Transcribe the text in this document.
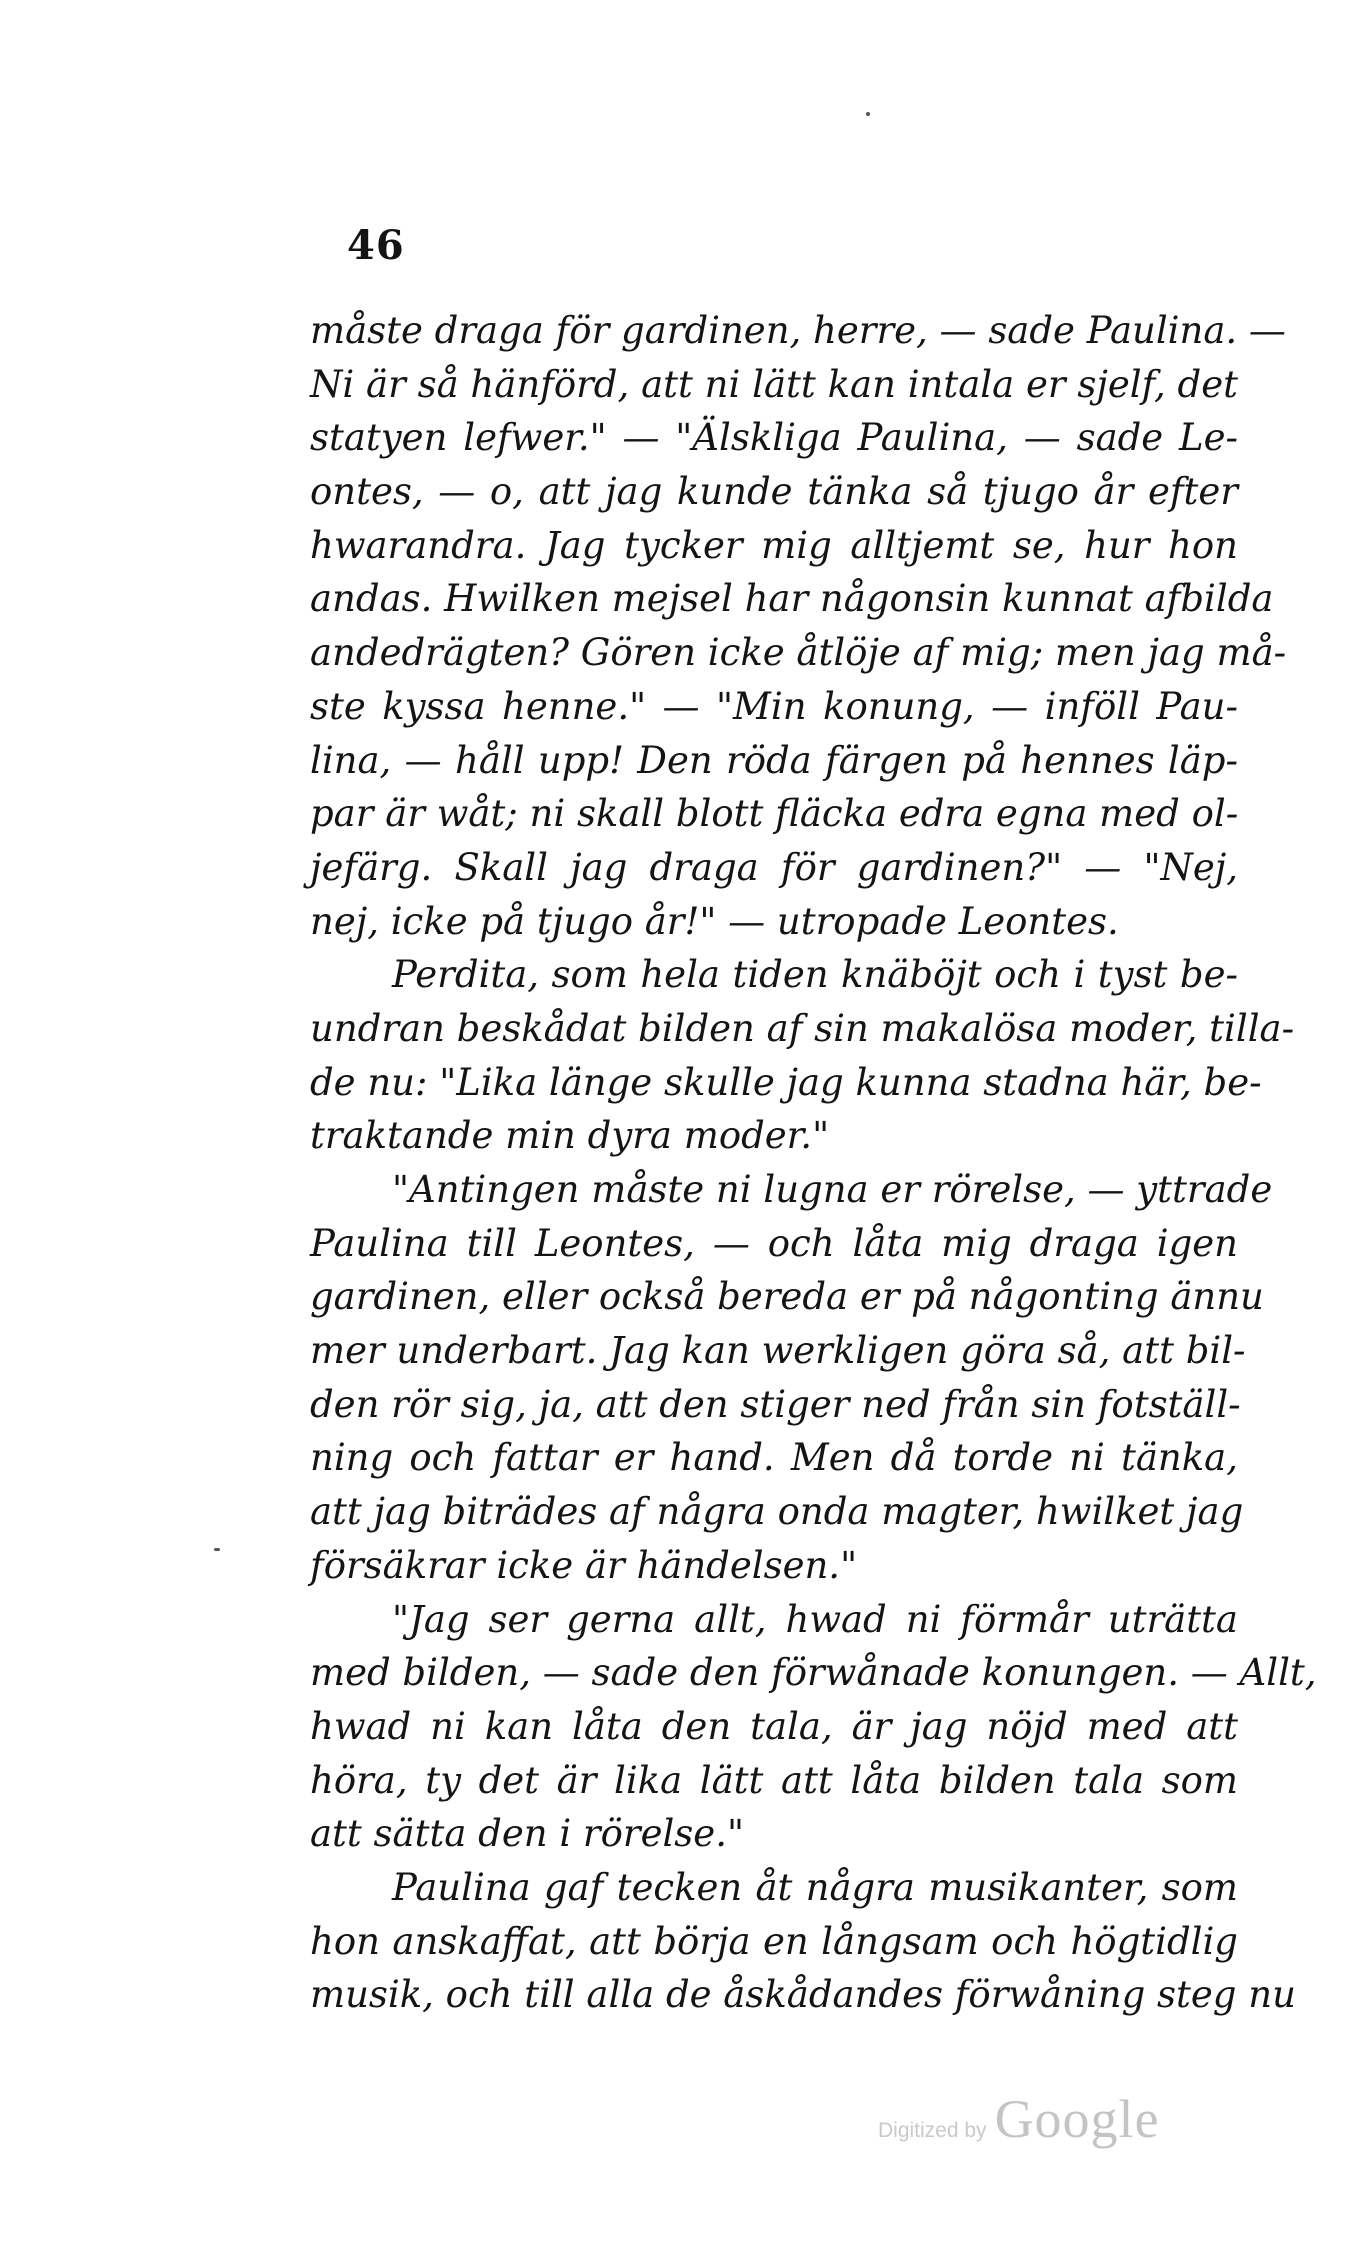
46
måste draga för gardinen, herre, — sade Paulina. —
Ni är så hänförd, att ni lätt kan intala er sjelf, det
statyen lefwer." — "Älskliga Paulina, — sade Le-
ontes, — o, att jag kunde tänka så tjugo år efter
hwarandra. Jag tycker mig alltjemt se, hur hon
andas. Hwilken mejsel har någonsin kunnat afbilda
andedrägten? Gören icke åtlöje af mig; men jag må-
ste kyssa henne." — "Min konung, — inföll Pau-
lina, — håll upp! Den röda färgen på hennes läp-
par är wåt; ni skall blott fläcka edra egna med ol-
jefärg. Skall jag draga för gardinen?" — "Nej,
nej, icke på tjugo år!" — utropade Leontes.
Perdita, som hela tiden knäböjt och i tyst be-
undran beskådat bilden af sin makalösa moder, tilla-
de nu: "Lika länge skulle jag kunna stadna här, be-
traktande min dyra moder."
"Antingen måste ni lugna er rörelse, — yttrade
Paulina till Leontes, — och låta mig draga igen
gardinen, eller också bereda er på någonting ännu
mer underbart. Jag kan werkligen göra så, att bil-
den rör sig, ja, att den stiger ned från sin fotställ-
ning och fattar er hand. Men då torde ni tänka,
att jag biträdes af några onda magter, hwilket jag
försäkrar icke är händelsen."
"Jag ser gerna allt, hwad ni förmår uträtta
med bilden, — sade den förwånade konungen. — Allt,
hwad ni kan låta den tala, är jag nöjd med att
höra, ty det är lika lätt att låta bilden tala som
att sätta den i rörelse."
Paulina gaf tecken åt några musikanter, som
hon anskaffat, att börja en långsam och högtidlig
musik, och till alla de åskådandes förwåning steg nu
Digitized by Google
